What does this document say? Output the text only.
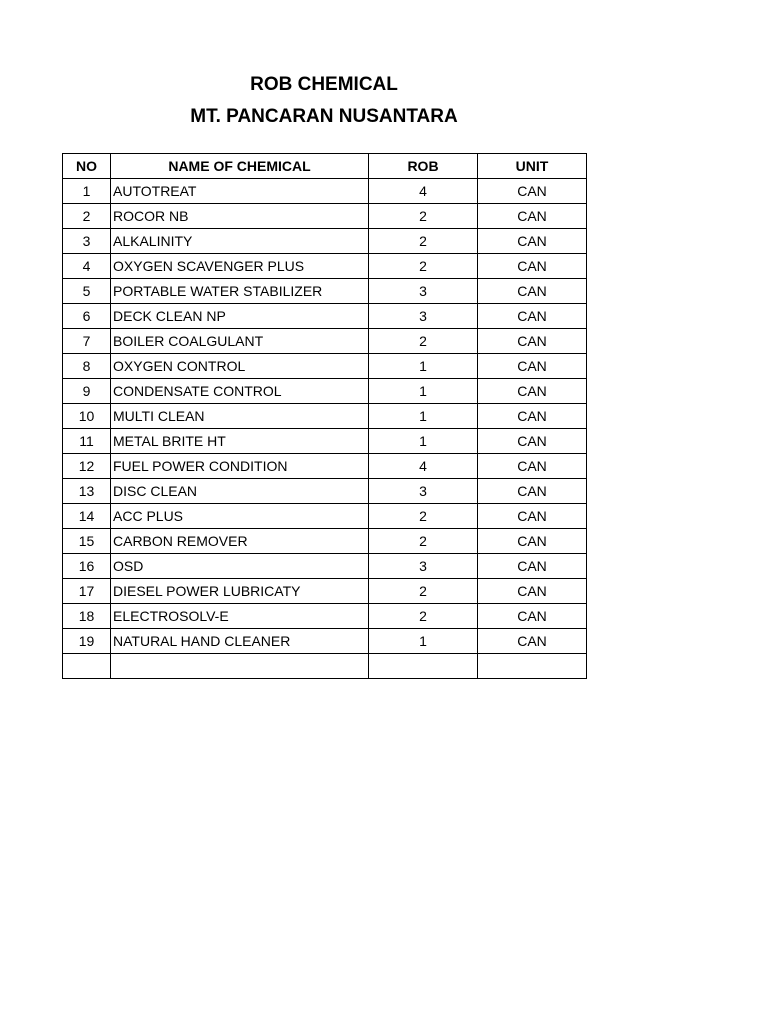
ROB CHEMICAL
MT. PANCARAN NUSANTARA
NO	NAME OF CHEMICAL	ROB	UNIT
1	AUTOTREAT	4	CAN
2	ROCOR NB	2	CAN
3	ALKALINITY	2	CAN
4	OXYGEN SCAVENGER PLUS	2	CAN
5	PORTABLE WATER STABILIZER	3	CAN
6	DECK CLEAN NP	3	CAN
7	BOILER COALGULANT	2	CAN
8	OXYGEN CONTROL	1	CAN
9	CONDENSATE CONTROL	1	CAN
10	MULTI CLEAN	1	CAN
11	METAL BRITE HT	1	CAN
12	FUEL POWER CONDITION	4	CAN
13	DISC CLEAN	3	CAN
14	ACC PLUS	2	CAN
15	CARBON REMOVER	2	CAN
16	OSD	3	CAN
17	DIESEL POWER LUBRICATY	2	CAN
18	ELECTROSOLV-E	2	CAN
19	NATURAL HAND CLEANER	1	CAN
